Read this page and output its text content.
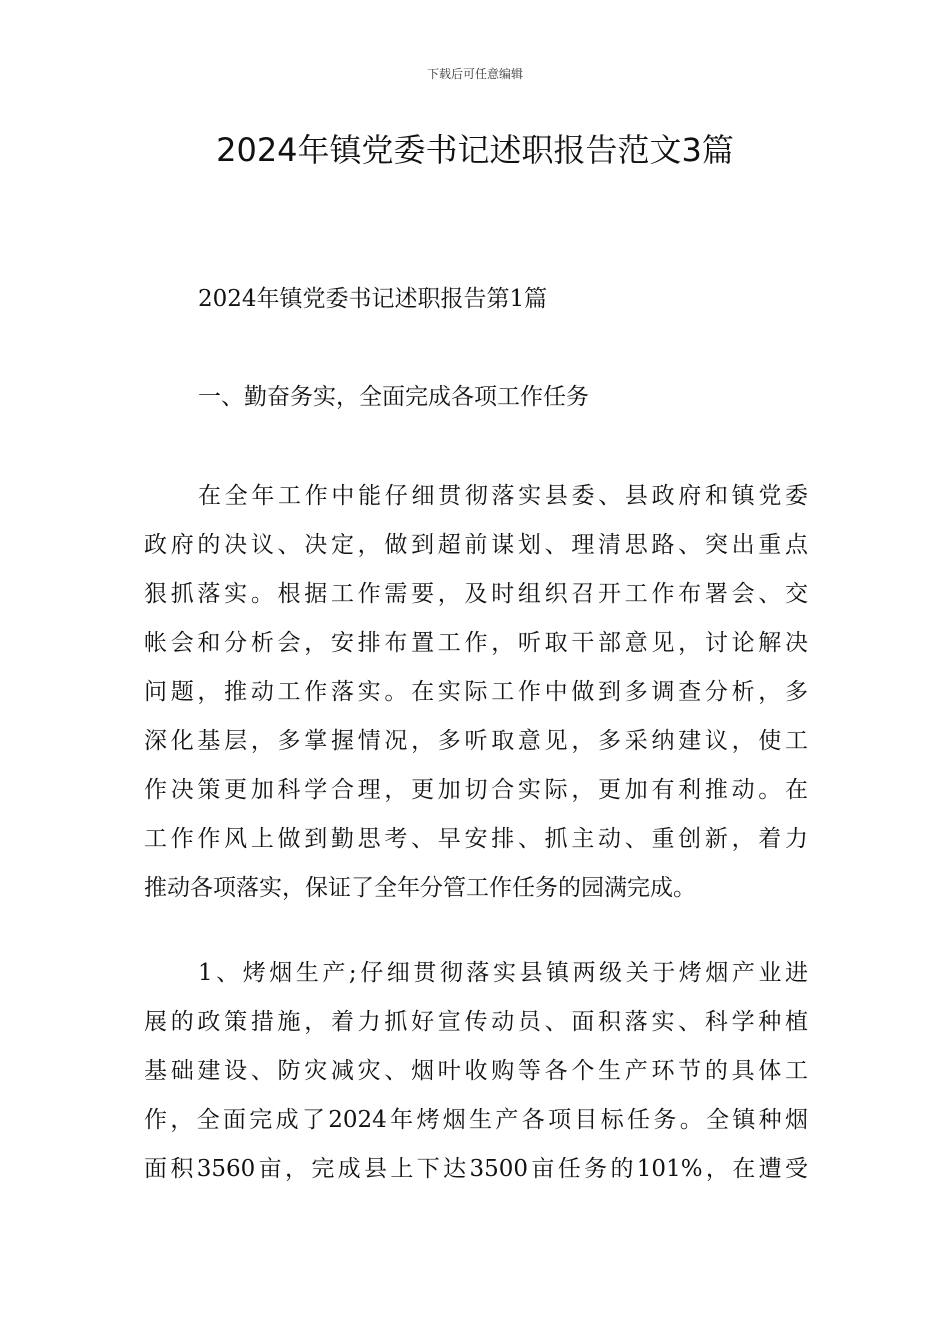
下载后可任意编辑
2024年镇党委书记述职报告范文3篇

2024年镇党委书记述职报告第1篇

一、勤奋务实，全面完成各项工作任务

在全年工作中能仔细贯彻落实县委、县政府和镇党委
政府的决议、决定，做到超前谋划、理清思路、突出重点
狠抓落实。根据工作需要，及时组织召开工作布署会、交
帐会和分析会，安排布置工作，听取干部意见，讨论解决
问题，推动工作落实。在实际工作中做到多调查分析，多
深化基层，多掌握情况，多听取意见，多采纳建议，使工
作决策更加科学合理，更加切合实际，更加有利推动。在
工作作风上做到勤思考、早安排、抓主动、重创新，着力
推动各项落实，保证了全年分管工作任务的园满完成。
1、烤烟生产;仔细贯彻落实县镇两级关于烤烟产业进
展的政策措施，着力抓好宣传动员、面积落实、科学种植
基础建设、防灾减灾、烟叶收购等各个生产环节的具体工
作，全面完成了2024年烤烟生产各项目标任务。全镇种烟
面积3560亩，完成县上下达3500亩任务的101%，在遭受
